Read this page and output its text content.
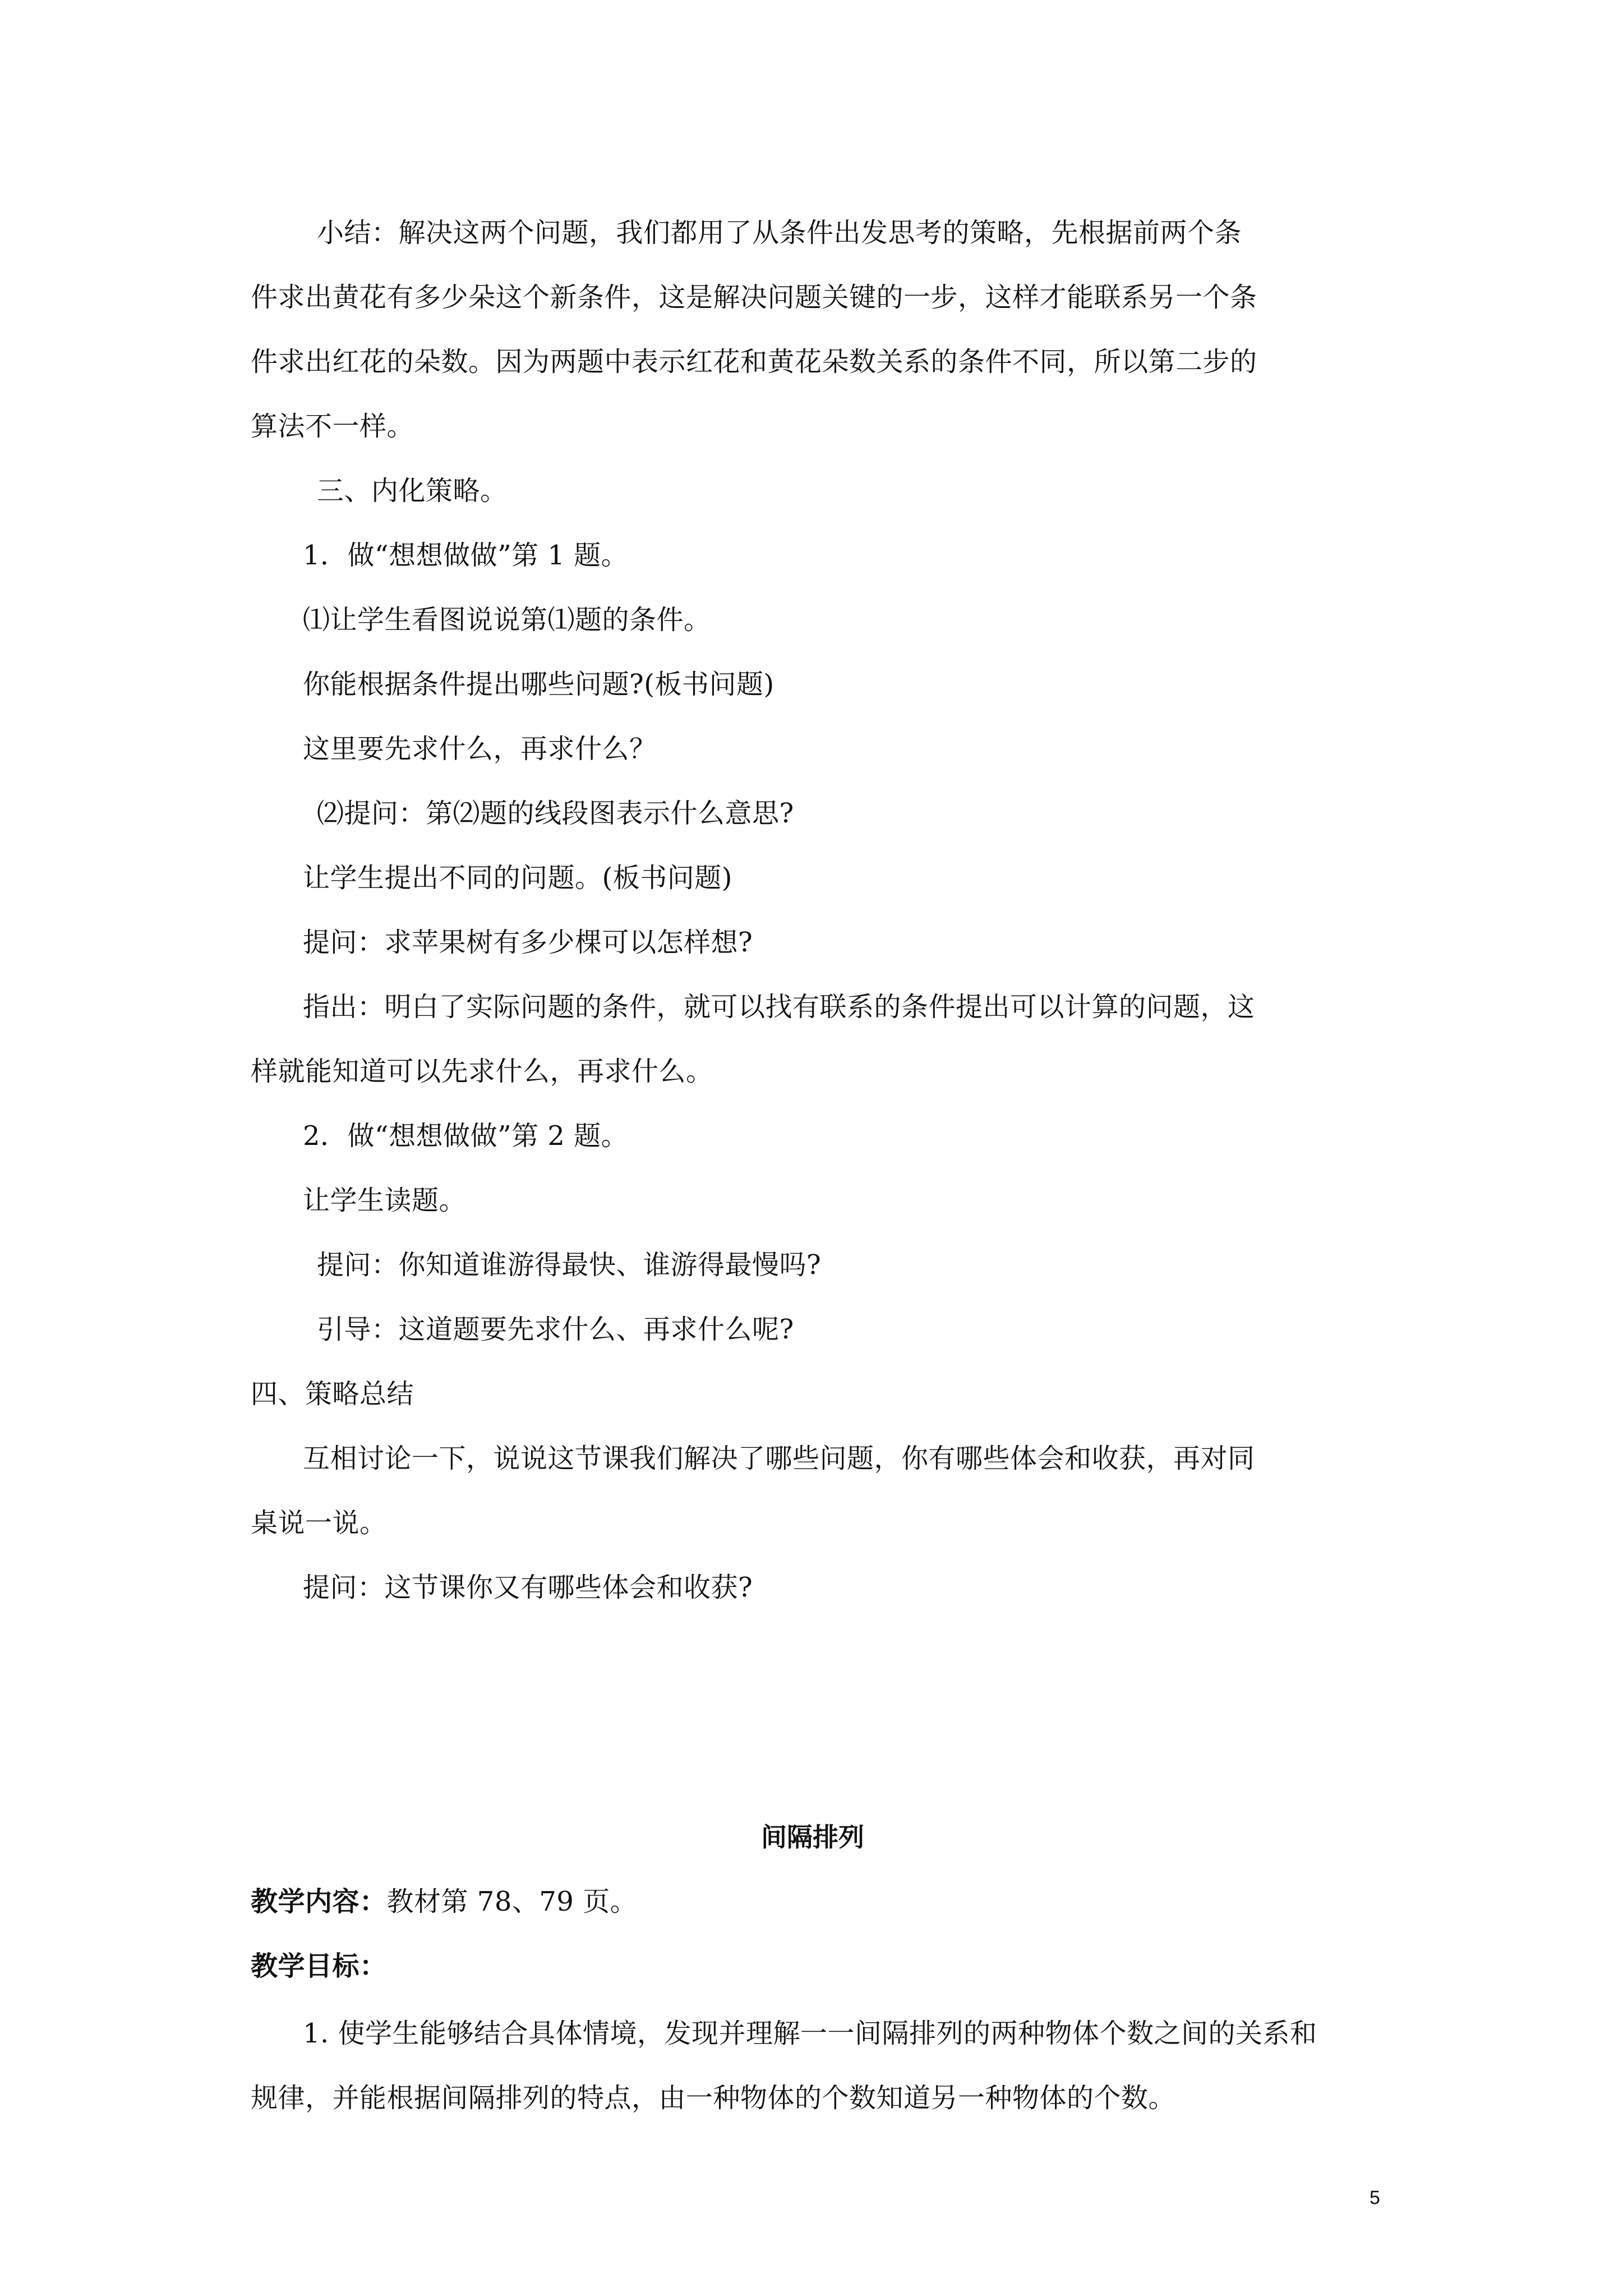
小结：解决这两个问题，我们都用了从条件出发思考的策略，先根据前两个条
件求出黄花有多少朵这个新条件，这是解决问题关键的一步，这样才能联系另一个条
件求出红花的朵数。因为两题中表示红花和黄花朵数关系的条件不同，所以第二步的
算法不一样。
三、内化策略。
1．做“想想做做”第 1 题。
⑴让学生看图说说第⑴题的条件。
你能根据条件提出哪些问题?(板书问题)
这里要先求什么，再求什么？
⑵提问：第⑵题的线段图表示什么意思?
让学生提出不同的问题。(板书问题)
提问：求苹果树有多少棵可以怎样想?
指出：明白了实际问题的条件，就可以找有联系的条件提出可以计算的问题，这
样就能知道可以先求什么，再求什么。
2．做“想想做做”第 2 题。
让学生读题。
提问：你知道谁游得最快、谁游得最慢吗?
引导：这道题要先求什么、再求什么呢?
四、策略总结
互相讨论一下，说说这节课我们解决了哪些问题，你有哪些体会和收获，再对同
桌说一说。
提问：这节课你又有哪些体会和收获?
间隔排列
教学内容：教材第 78、79 页。
教学目标：
1. 使学生能够结合具体情境，发现并理解一一间隔排列的两种物体个数之间的关系和
规律，并能根据间隔排列的特点，由一种物体的个数知道另一种物体的个数。
5
